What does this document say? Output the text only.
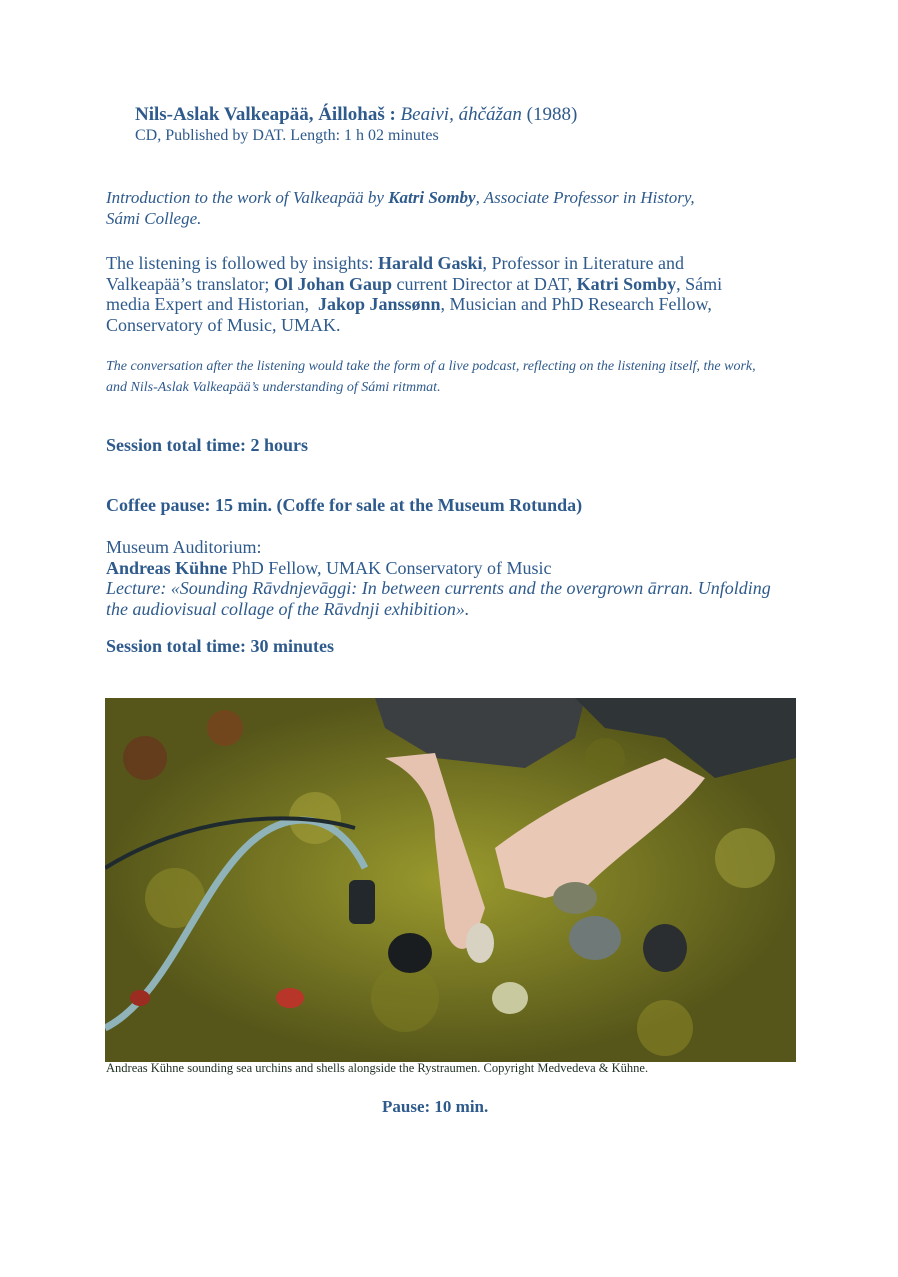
Nils-Aslak Valkeapää, Áillohaš : Beaivi, áhčážan (1988)
CD, Published by DAT. Length: 1 h 02 minutes
Introduction to the work of Valkeapää by Katri Somby, Associate Professor in History,
Sámi College.
The listening is followed by insights: Harald Gaski, Professor in Literature and
Valkeapää’s translator; Ol Johan Gaup current Director at DAT, Katri Somby, Sámi
media Expert and Historian, Jakop Janssønn, Musician and PhD Research Fellow,
Conservatory of Music, UMAK.
The conversation after the listening would take the form of a live podcast, reflecting on the listening itself, the work,
and Nils-Aslak Valkeapää’s understanding of Sámi ritmmat.
Session total time: 2 hours
Coffee pause: 15 min. (Coffe for sale at the Museum Rotunda)
Museum Auditorium:
Andreas Kühne PhD Fellow, UMAK Conservatory of Music
Lecture: «Sounding Rāvdnjevāggi: In between currents and the overgrown ārran. Unfolding
the audiovisual collage of the Rāvdnji exhibition».
Session total time: 30 minutes
Andreas Kühne sounding sea urchins and shells alongside the Rystraumen. Copyright Medvedeva & Kühne.
Pause: 10 min.
